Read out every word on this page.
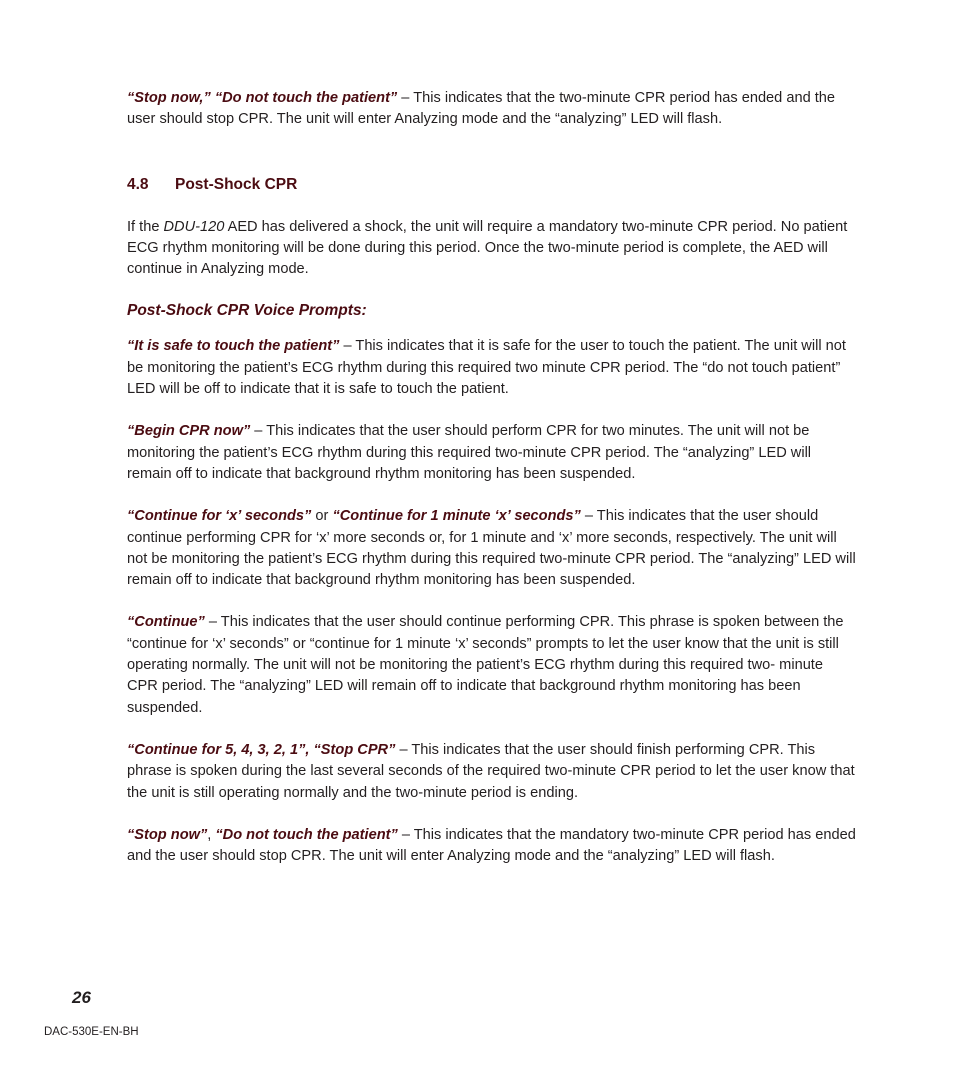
“Stop now,” “Do not touch the patient” – This indicates that the two-minute CPR period has ended and the user should stop CPR. The unit will enter Analyzing mode and the “analyzing” LED will flash.

4.8 Post-Shock CPR

If the DDU-120 AED has delivered a shock, the unit will require a mandatory two-minute CPR period. No patient ECG rhythm monitoring will be done during this period. Once the two-minute period is complete, the AED will continue in Analyzing mode.

Post-Shock CPR Voice Prompts:

“It is safe to touch the patient” – This indicates that it is safe for the user to touch the patient. The unit will not be monitoring the patient’s ECG rhythm during this required two minute CPR period. The “do not touch patient” LED will be off to indicate that it is safe to touch the patient.

“Begin CPR now” – This indicates that the user should perform CPR for two minutes. The unit will not be monitoring the patient’s ECG rhythm during this required two-minute CPR period. The “analyzing” LED will remain off to indicate that background rhythm monitoring has been suspended.

“Continue for ‘x’ seconds” or “Continue for 1 minute ‘x’ seconds” – This indicates that the user should continue performing CPR for ‘x’ more seconds or, for 1 minute and ‘x’ more seconds, respectively. The unit will not be monitoring the patient’s ECG rhythm during this required two-minute CPR period. The “analyzing” LED will remain off to indicate that background rhythm monitoring has been suspended.

“Continue” – This indicates that the user should continue performing CPR. This phrase is spoken between the “continue for ‘x’ seconds” or “continue for 1 minute ‘x’ seconds” prompts to let the user know that the unit is still operating normally. The unit will not be monitoring the patient’s ECG rhythm during this required two- minute CPR period. The “analyzing” LED will remain off to indicate that background rhythm monitoring has been suspended.

“Continue for 5, 4, 3, 2, 1”, “Stop CPR” – This indicates that the user should finish performing CPR. This phrase is spoken during the last several seconds of the required two-minute CPR period to let the user know that the unit is still operating normally and the two-minute period is ending.

“Stop now”, “Do not touch the patient” – This indicates that the mandatory two-minute CPR period has ended and the user should stop CPR. The unit will enter Analyzing mode and the “analyzing” LED will flash.

26
DAC-530E-EN-BH
